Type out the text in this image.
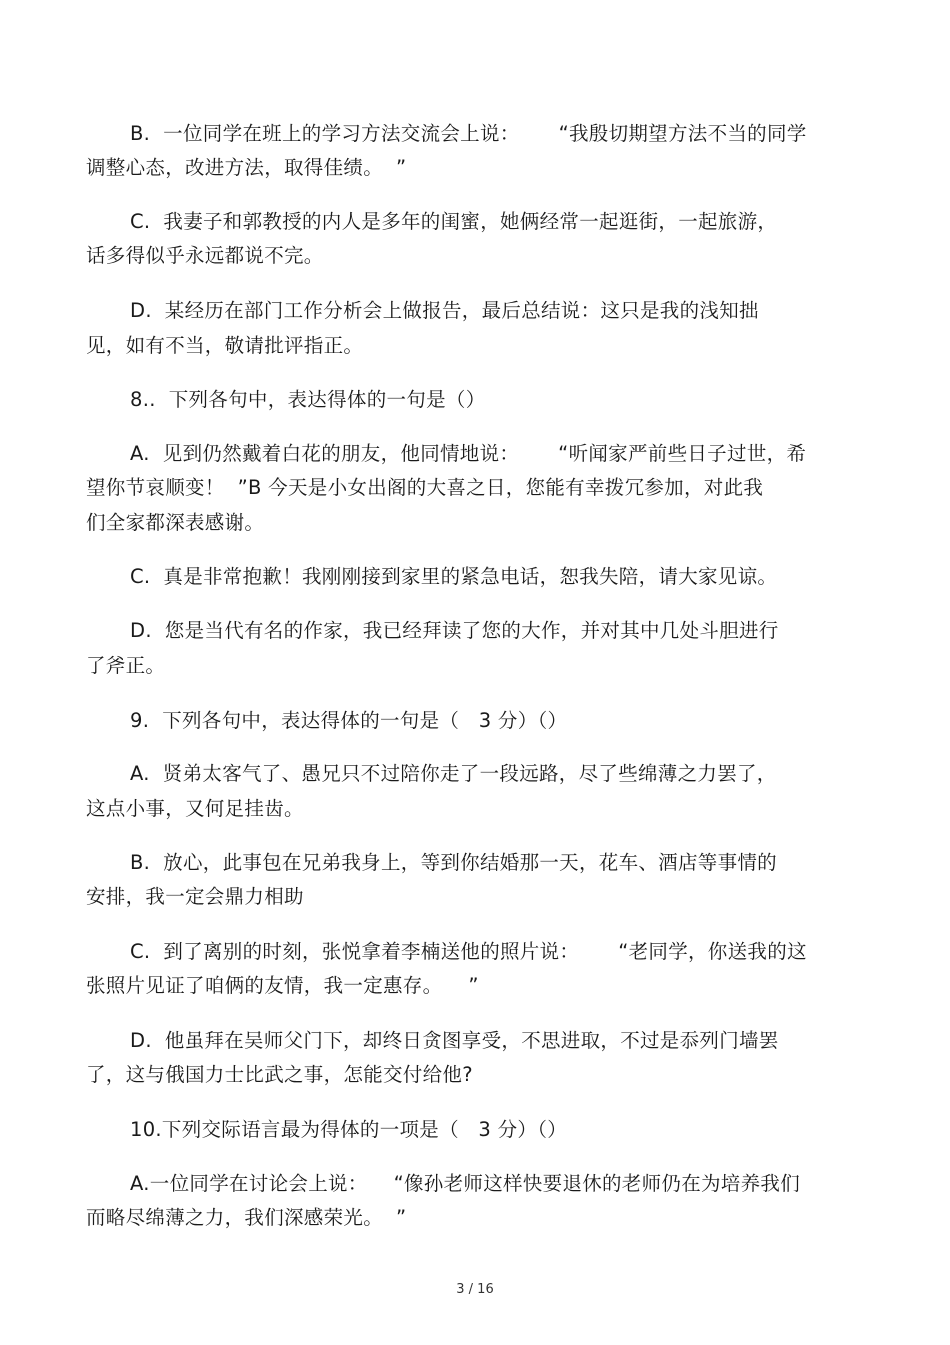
B.  一位同学在班上的学习方法交流会上说：      “我殷切期望方法不当的同学
调整心态，改进方法，取得佳绩。  ”
C.  我妻子和郭教授的内人是多年的闺蜜，她俩经常一起逛街，一起旅游，
话多得似乎永远都说不完。
D.  某经历在部门工作分析会上做报告，最后总结说：这只是我的浅知拙
见，如有不当，敬请批评指正。
8..  下列各句中，表达得体的一句是（）
A.  见到仍然戴着白花的朋友，他同情地说：      “听闻家严前些日子过世，希
望你节哀顺变！  ”B 今天是小女出阁的大喜之日，您能有幸拨冗参加，对此我
们全家都深表感谢。
C.  真是非常抱歉！我刚刚接到家里的紧急电话，恕我失陪，请大家见谅。
D.  您是当代有名的作家，我已经拜读了您的大作，并对其中几处斗胆进行
了斧正。
9.  下列各句中，表达得体的一句是（   3 分）（）
A.  贤弟太客气了、愚兄只不过陪你走了一段远路，尽了些绵薄之力罢了，
这点小事，又何足挂齿。
B.  放心，此事包在兄弟我身上，等到你结婚那一天，花车、酒店等事情的
安排，我一定会鼎力相助
C.  到了离别的时刻，张悦拿着李楠送他的照片说：      “老同学，你送我的这
张照片见证了咱俩的友情，我一定惠存。    ”
D.  他虽拜在吴师父门下，却终日贪图享受，不思进取，不过是忝列门墙罢
了，这与俄国力士比武之事，怎能交付给他?
10.下列交际语言最为得体的一项是（   3 分）（）
A.一位同学在讨论会上说：    “像孙老师这样快要退休的老师仍在为培养我们
而略尽绵薄之力，我们深感荣光。  ”
3 / 16
